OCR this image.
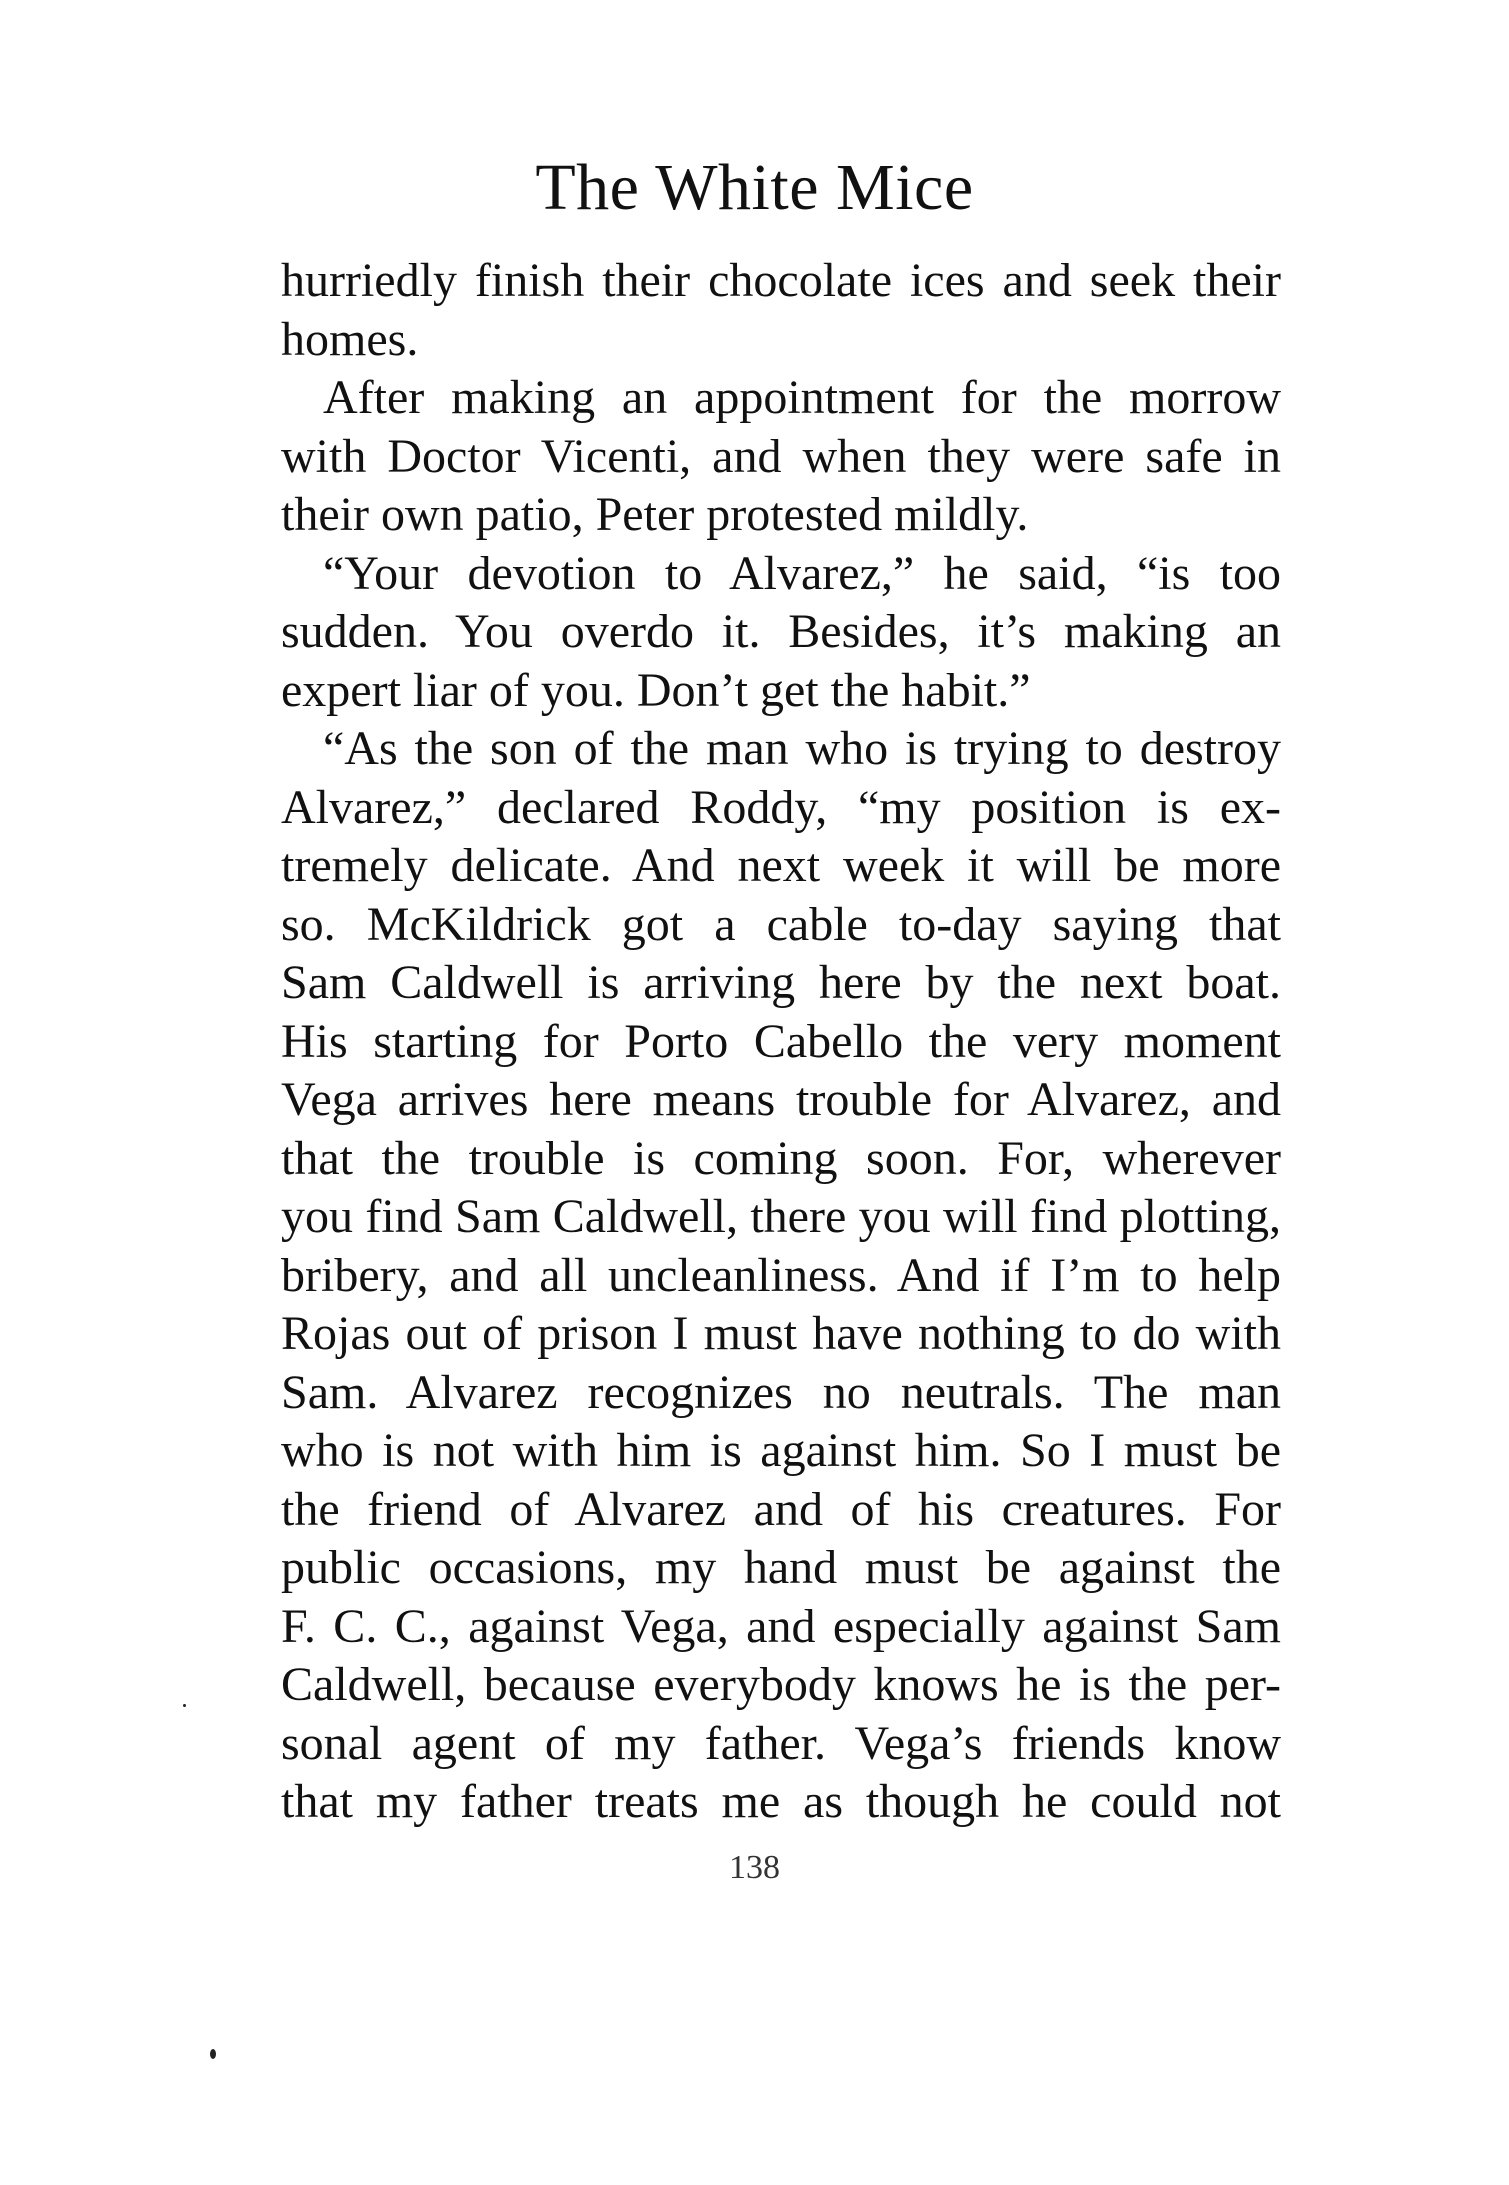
The White Mice
hurriedly finish their chocolate ices and seek their
homes.
After making an appointment for the morrow
with Doctor Vicenti, and when they were safe in
their own patio, Peter protested mildly.
“Your devotion to Alvarez,” he said, “is too
sudden. You overdo it. Besides, it’s making an
expert liar of you. Don’t get the habit.”
“As the son of the man who is trying to destroy
Alvarez,” declared Roddy, “my position is ex-
tremely delicate. And next week it will be more
so. McKildrick got a cable to-day saying that
Sam Caldwell is arriving here by the next boat.
His starting for Porto Cabello the very moment
Vega arrives here means trouble for Alvarez, and
that the trouble is coming soon. For, wherever
you find Sam Caldwell, there you will find plotting,
bribery, and all uncleanliness. And if I’m to help
Rojas out of prison I must have nothing to do with
Sam. Alvarez recognizes no neutrals. The man
who is not with him is against him. So I must be
the friend of Alvarez and of his creatures. For
public occasions, my hand must be against the
F. C. C., against Vega, and especially against Sam
Caldwell, because everybody knows he is the per-
sonal agent of my father. Vega’s friends know
that my father treats me as though he could not
138
